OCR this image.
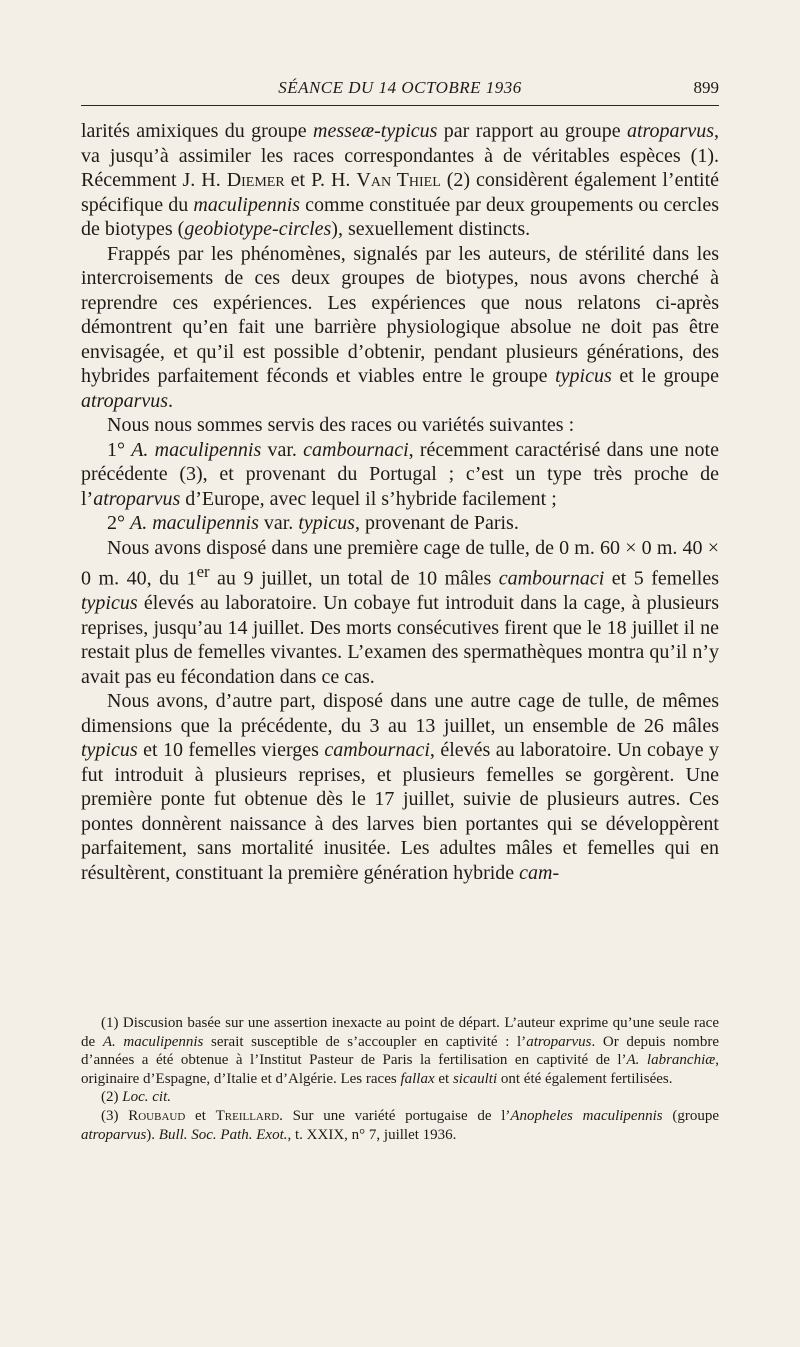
SÉANCE DU 14 OCTOBRE 1936	899

larités amixiques du groupe messeæ-typicus par rapport au groupe atroparvus, va jusqu’à assimiler les races correspondantes à de véritables espèces (1). Récemment J. H. Diemer et P. H. Van Thiel (2) considèrent également l’entité spécifique du maculipennis comme constituée par deux groupements ou cercles de biotypes (geobiotype-circles), sexuellement distincts.

Frappés par les phénomènes, signalés par les auteurs, de stérilité dans les intercroisements de ces deux groupes de biotypes, nous avons cherché à reprendre ces expériences. Les expériences que nous relatons ci-après démontrent qu’en fait une barrière physiologique absolue ne doit pas être envisagée, et qu’il est possible d’obtenir, pendant plusieurs générations, des hybrides parfaitement féconds et viables entre le groupe typicus et le groupe atroparvus.

Nous nous sommes servis des races ou variétés suivantes :

1° A. maculipennis var. cambournaci, récemment caractérisé dans une note précédente (3), et provenant du Portugal ; c’est un type très proche de l’atroparvus d’Europe, avec lequel il s’hybride facilement ;

2° A. maculipennis var. typicus, provenant de Paris.

Nous avons disposé dans une première cage de tulle, de 0 m. 60 × 0 m. 40 × 0 m. 40, du 1er au 9 juillet, un total de 10 mâles cambournaci et 5 femelles typicus élevés au laboratoire. Un cobaye fut introduit dans la cage, à plusieurs reprises, jusqu’au 14 juillet. Des morts consécutives firent que le 18 juillet il ne restait plus de femelles vivantes. L’examen des spermathèques montra qu’il n’y avait pas eu fécondation dans ce cas.

Nous avons, d’autre part, disposé dans une autre cage de tulle, de mêmes dimensions que la précédente, du 3 au 13 juillet, un ensemble de 26 mâles typicus et 10 femelles vierges cambournaci, élevés au laboratoire. Un cobaye y fut introduit à plusieurs reprises, et plusieurs femelles se gorgèrent. Une première ponte fut obtenue dès le 17 juillet, suivie de plusieurs autres. Ces pontes donnèrent naissance à des larves bien portantes qui se développèrent parfaitement, sans mortalité inusitée. Les adultes mâles et femelles qui en résultèrent, constituant la première génération hybride cam-

(1) Discusion basée sur une assertion inexacte au point de départ. L’auteur exprime qu’une seule race de A. maculipennis serait susceptible de s’accoupler en captivité : l’atroparvus. Or depuis nombre d’années a été obtenue à l’Institut Pasteur de Paris la fertilisation en captivité de l’A. labranchiæ, originaire d’Espagne, d’Italie et d’Algérie. Les races fallax et sicaulti ont été également fertilisées.

(2) Loc. cit.

(3) Roubaud et Treillard. Sur une variété portugaise de l’Anopheles maculipennis (groupe atroparvus). Bull. Soc. Path. Exot., t. XXIX, n° 7, juillet 1936.
